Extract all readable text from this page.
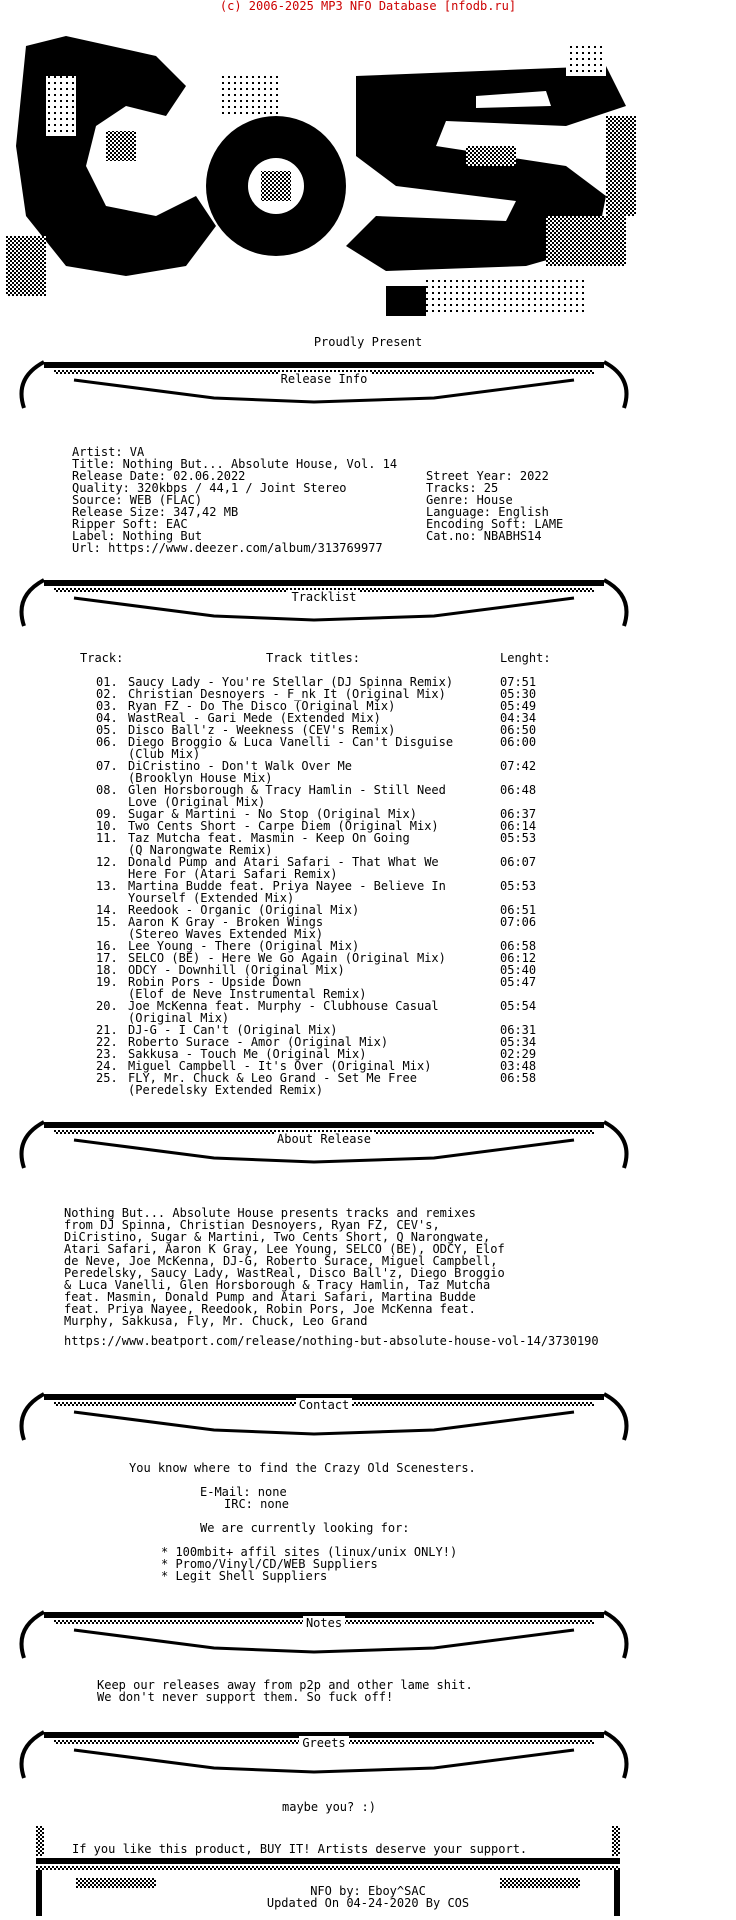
(c) 2006-2025 MP3 NFO Database [nfodb.ru]
Proudly Present
Release Info
Artist: VA
Title: Nothing But... Absolute House, Vol. 14
Release Date: 02.06.2022
Quality: 320kbps / 44,1 / Joint Stereo
Source: WEB (FLAC)
Release Size: 347,42 MB
Ripper Soft: EAC
Label: Nothing But
Url: https://www.deezer.com/album/313769977
Street Year: 2022
Tracks: 25
Genre: House
Language: English
Encoding Soft: LAME
Cat.no: NBABHS14
Tracklist
Track:	Track titles:	Lenght:
01. Saucy Lady - You're Stellar (DJ Spinna Remix)	07:51
02. Christian Desnoyers - F_nk It (Original Mix)	05:30
03. Ryan FZ - Do The Disco (Original Mix)	05:49
04. WastReal - Gari Mede (Extended Mix)	04:34
05. Disco Ball'z - Weekness (CEV's Remix)	06:50
06. Diego Broggio & Luca Vanelli - Can't Disguise	06:00
(Club Mix)
07. DiCristino - Don't Walk Over Me	07:42
(Brooklyn House Mix)
08. Glen Horsborough & Tracy Hamlin - Still Need	06:48
Love (Original Mix)
09. Sugar & Martini - No Stop (Original Mix)	06:37
10. Two Cents Short - Carpe Diem (Original Mix)	06:14
11. Taz Mutcha feat. Masmin - Keep On Going	05:53
(Q Narongwate Remix)
12. Donald Pump and Atari Safari - That What We	06:07
Here For (Atari Safari Remix)
13. Martina Budde feat. Priya Nayee - Believe In	05:53
Yourself (Extended Mix)
14. Reedook - Organic (Original Mix)	06:51
15. Aaron K Gray - Broken Wings	07:06
(Stereo Waves Extended Mix)
16. Lee Young - There (Original Mix)	06:58
17. SELCO (BE) - Here We Go Again (Original Mix)	06:12
18. ODCY - Downhill (Original Mix)	05:40
19. Robin Pors - Upside Down	05:47
(Elof de Neve Instrumental Remix)
20. Joe McKenna feat. Murphy - Clubhouse Casual	05:54
(Original Mix)
21. DJ-G - I Can't (Original Mix)	06:31
22. Roberto Surace - Amor (Original Mix)	05:34
23. Sakkusa - Touch Me (Original Mix)	02:29
24. Miguel Campbell - It's Over (Original Mix)	03:48
25. FLY, Mr. Chuck & Leo Grand - Set Me Free	06:58
(Peredelsky Extended Remix)
About Release
Nothing But... Absolute House presents tracks and remixes
from DJ Spinna, Christian Desnoyers, Ryan FZ, CEV's,
DiCristino, Sugar & Martini, Two Cents Short, Q Narongwate,
Atari Safari, Aaron K Gray, Lee Young, SELCO (BE), ODCY, Elof
de Neve, Joe McKenna, DJ-G, Roberto Surace, Miguel Campbell,
Peredelsky, Saucy Lady, WastReal, Disco Ball'z, Diego Broggio
& Luca Vanelli, Glen Horsborough & Tracy Hamlin, Taz Mutcha
feat. Masmin, Donald Pump and Atari Safari, Martina Budde
feat. Priya Nayee, Reedook, Robin Pors, Joe McKenna feat.
Murphy, Sakkusa, Fly, Mr. Chuck, Leo Grand
https://www.beatport.com/release/nothing-but-absolute-house-vol-14/3730190
Contact
You know where to find the Crazy Old Scenesters.
E-Mail: none
IRC: none
We are currently looking for:
* 100mbit+ affil sites (linux/unix ONLY!)
* Promo/Vinyl/CD/WEB Suppliers
* Legit Shell Suppliers
Notes
Keep our releases away from p2p and other lame shit.
We don't never support them. So fuck off!
Greets
maybe you? :)
If you like this product, BUY IT! Artists deserve your support.
NFO by: Eboy^SAC
Updated On 04-24-2020 By COS
